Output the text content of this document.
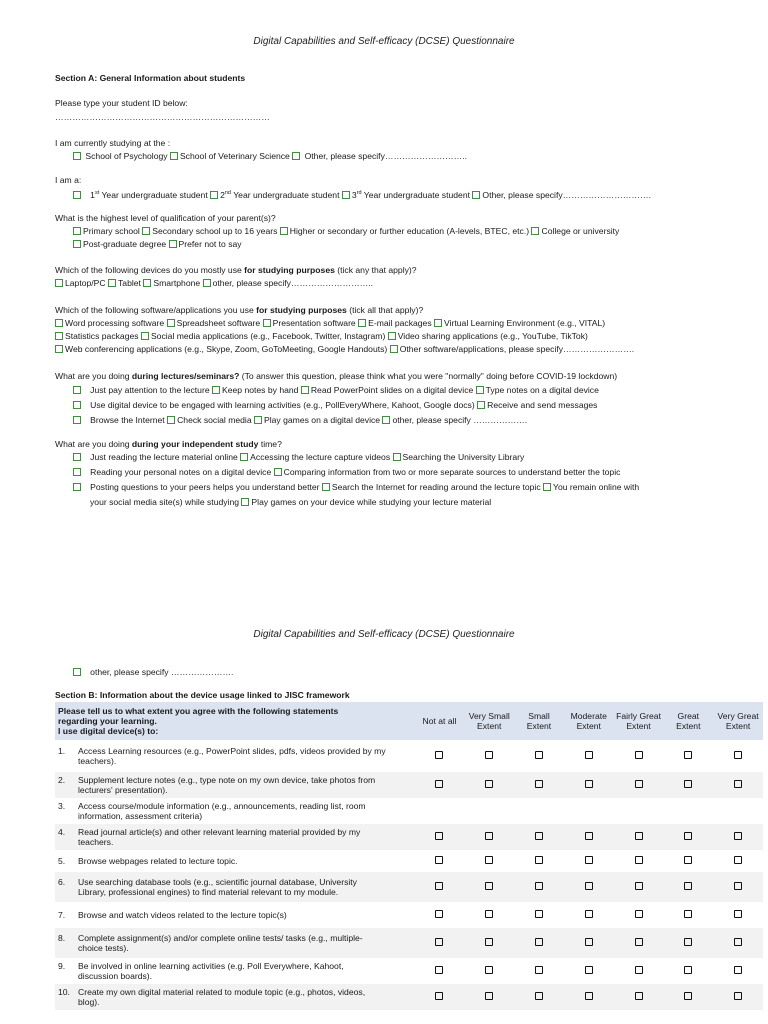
Digital Capabilities and Self-efficacy (DCSE) Questionnaire
Section A: General Information about students
Please type your student ID below:
…………………………………………………………………
I am currently studying at the :
School of Psychology School of Veterinary Science Other, please specify………………………..
I am a:
1st Year undergraduate student 2nd Year undergraduate student 3rd Year undergraduate student Other, please specify………………………….
What is the highest level of qualification of your parent(s)?
Primary school Secondary school up to 16 years Higher or secondary or further education (A-levels, BTEC, etc.) College or university
Post-graduate degree Prefer not to say
Which of the following devices do you mostly use for studying purposes (tick any that apply)?
Laptop/PC Tablet Smartphone other, please specify………………………..
Which of the following software/applications you use for studying purposes (tick all that apply)?
Word processing software Spreadsheet software Presentation software E-mail packages Virtual Learning Environment (e.g., VITAL)
Statistics packages Social media applications (e.g., Facebook, Twitter, Instagram) Video sharing applications (e.g., YouTube, TikTok)
Web conferencing applications (e.g., Skype, Zoom, GoToMeeting, Google Handouts) Other software/applications, please specify…………………….
What are you doing during lectures/seminars? (To answer this question, please think what you were "normally" doing before COVID-19 lockdown)
Just pay attention to the lecture Keep notes by hand Read PowerPoint slides on a digital device Type notes on a digital device
Use digital device to be engaged with learning activities (e.g., PollEveryWhere, Kahoot, Google docs) Receive and send messages
Browse the Internet Check social media Play games on a digital device other, please specify ……………….
What are you doing during your independent study time?
Just reading the lecture material online Accessing the lecture capture videos Searching the University Library
Reading your personal notes on a digital device Comparing information from two or more separate sources to understand better the topic
Posting questions to your peers helps you understand better Search the Internet for reading around the lecture topic You remain online with
your social media site(s) while studying Play games on your device while studying your lecture material
Digital Capabilities and Self-efficacy (DCSE) Questionnaire
other, please specify ………………….
Section B: Information about the device usage linked to JISC framework
Please tell us to what extent you agree with the following statements
regarding your learning.
I use digital device(s) to:	Not at all	Very Small Extent	Small Extent	Moderate Extent	Fairly Great Extent	Great Extent	Very Great Extent
1. Access Learning resources (e.g., PowerPoint slides, pdfs, videos provided by my
teachers).							

2. Supplement lecture notes (e.g., type note on my own device, take photos from
lecturers' presentation).							

3. Access course/module information (e.g., announcements, reading list, room
information, assessment criteria)							

4. Read journal article(s) and other relevant learning material provided by my
teachers.							

5. Browse webpages related to lecture topic.							
6. Use searching database tools (e.g., scientific journal database, University
Library, professional engines) to find material relevant to my module.							

7. Browse and watch videos related to the lecture topic(s)							
8. Complete assignment(s) and/or complete online tests/ tasks (e.g., multiple-
choice tests).							

9. Be involved in online learning activities (e.g. Poll Everywhere, Kahoot,
discussion boards).							

10. Create my own digital material related to module topic (e.g., photos, videos,
blog).							
